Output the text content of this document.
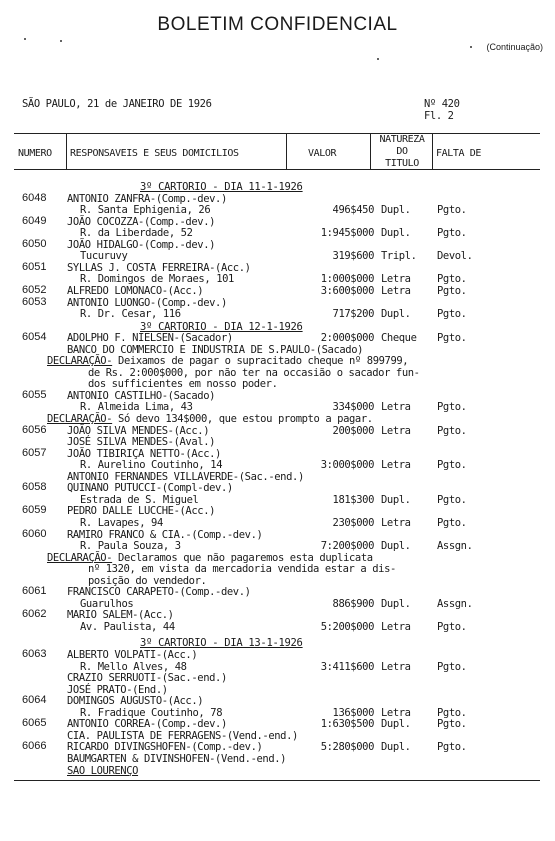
BOLETIM CONFIDENCIAL
(Continuação)
SÃO PAULO, 21 de JANEIRO DE 1926	Nº 420
Fl. 2
NUMERO RESPONSAVEIS E SEUS DOMICILIOS	VALOR
NATUREZA
DO
TITULO
FALTA DE
3º CARTORIO - DIA 11-1-1926
6048 ANTONIO ZANFRA-(Comp.-dev.)
R. Santa Ephigenia, 26	496$450 Dupl.	Pgto.
6049 JOÃO COCOZZA-(Comp.-dev.)
R. da Liberdade, 52	1:945$000 Dupl.	Pgto.
6050 JOÃO HIDALGO-(Comp.-dev.)
Tucuruvy	319$600 Tripl. Devol.
6051 SYLLAS J. COSTA FERREIRA-(Acc.)
R. Domingos de Moraes, 101	1:000$000 Letra	Pgto.
6052 ALFREDO LOMONACO-(Acc.)	3:600$000 Letra	Pgto.
6053 ANTONIO LUONGO-(Comp.-dev.)
R. Dr. Cesar, 116	717$200 Dupl.	Pgto.
3º CARTORIO - DIA 12-1-1926
6054 ADOLPHO F. NIELSEN-(Sacador)	2:000$000 Cheque Pgto.
BANCO DO COMMERCIO E INDUSTRIA DE S.PAULO-(Sacado)
DECLARAÇÃO- Deixamos de pagar o supracitado cheque nº 899799,
de Rs. 2:000$000, por não ter na occasião o sacador fun-
dos sufficientes em nosso poder.
6055 ANTONIO CASTILHO-(Sacado)
R. Almeida Lima, 43	334$000 Letra	Pgto.
DECLARAÇÃO- Só devo 134$000, que estou prompto a pagar.
6056 JOÃO SILVA MENDES-(Acc.)	200$000 Letra	Pgto.
JOSÉ SILVA MENDES-(Aval.)
6057 JOÃO TIBIRIÇA NETTO-(Acc.)
R. Aurelino Coutinho, 14	3:000$000 Letra	Pgto.
ANTONIO FERNANDES VILLAVERDE-(Sac.-end.)
6058 QUINANO PUTUCCI-(Compl-dev.)
Estrada de S. Miguel	181$300 Dupl.	Pgto.
6059 PEDRO DALLE LUCCHE-(Acc.)
R. Lavapes, 94	230$000 Letra	Pgto.
6060 RAMIRO FRANCO & CIA.-(Comp.-dev.)
R. Paula Souza, 3	7:200$000 Dupl.	Assgn.
DECLARAÇÃO- Declaramos que não pagaremos esta duplicata
nº 1320, em vista da mercadoria vendida estar a dis-
posição do vendedor.
6061 FRANCISCO CARAPETO-(Comp.-dev.)
Guarulhos	886$900 Dupl.	Assgn.
6062 MARIO SALEM-(Acc.)
Av. Paulista, 44	5:200$000 Letra	Pgto.
3º CARTORIO - DIA 13-1-1926
6063 ALBERTO VOLPATI-(Acc.)
R. Mello Alves, 48	3:411$600 Letra	Pgto.
CRAZIO SERRUOTI-(Sac.-end.)
JOSÉ PRATO-(End.)
6064 DOMINGOS AUGUSTO-(Acc.)
R. Fradique Coutinho, 78	136$000 Letra	Pgto.
6065 ANTONIO CORREA-(Comp.-dev.)	1:630$500 Dupl.	Pgto.
CIA. PAULISTA DE FERRAGENS-(Vend.-end.)
6066 RICARDO DIVINGSHOFEN-(Comp.-dev.)	5:280$000 Dupl.	Pgto.
BAUMGARTEN & DIVINSHOFEN-(Vend.-end.)
SAO LOURENÇO
